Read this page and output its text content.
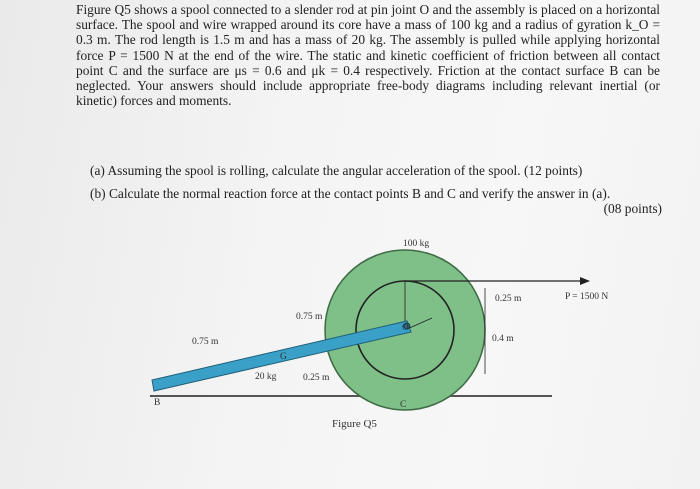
Figure Q5 shows a spool connected to a slender rod at pin joint O and the assembly is placed on a horizontal surface. The spool and wire wrapped around its core have a mass of 100 kg and a radius of gyration k_O = 0.3 m. The rod length is 1.5 m and has a mass of 20 kg. The assembly is pulled while applying horizontal force P = 1500 N at the end of the wire. The static and kinetic coefficient of friction between all contact point C and the surface are μs = 0.6 and μk = 0.4 respectively. Friction at the contact surface B can be neglected. Your answers should include appropriate free-body diagrams including relevant inertial (or kinetic) forces and moments.

(a) Assuming the spool is rolling, calculate the angular acceleration of the spool. (12 points)
(b) Calculate the normal reaction force at the contact points B and C and verify the answer in (a).

(08 points)
100 kg
P = 1500 N
0.25 m
0.4 m
0.75 m
0.75 m
20 kg	0.25 m
G
O
B	C
Figure Q5
